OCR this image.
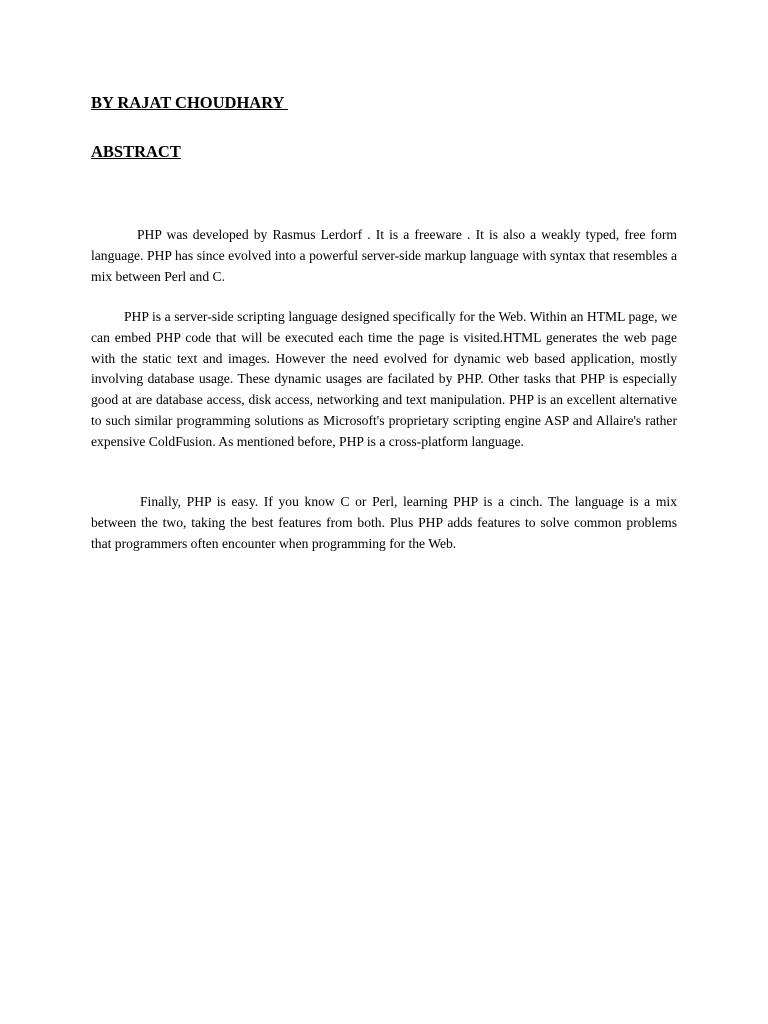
BY RAJAT CHOUDHARY
ABSTRACT

PHP was developed by Rasmus Lerdorf . It is a freeware . It is also a weakly typed, free form language. PHP has since evolved into a powerful server-side markup language with syntax that resembles a mix between Perl and C.

PHP is a server-side scripting language designed specifically for the Web. Within an HTML page, we can embed PHP code that will be executed each time the page is visited.HTML generates the web page with the static text and images. However the need evolved for dynamic web based application, mostly involving database usage. These dynamic usages are facilated by PHP. Other tasks that PHP is especially good at are database access, disk access, networking and text manipulation. PHP is an excellent alternative to such similar programming solutions as Microsoft's proprietary scripting engine ASP and Allaire's rather expensive ColdFusion. As mentioned before, PHP is a cross-platform language.

Finally, PHP is easy. If you know C or Perl, learning PHP is a cinch. The language is a mix between the two, taking the best features from both. Plus PHP adds features to solve common problems that programmers often encounter when programming for the Web.
